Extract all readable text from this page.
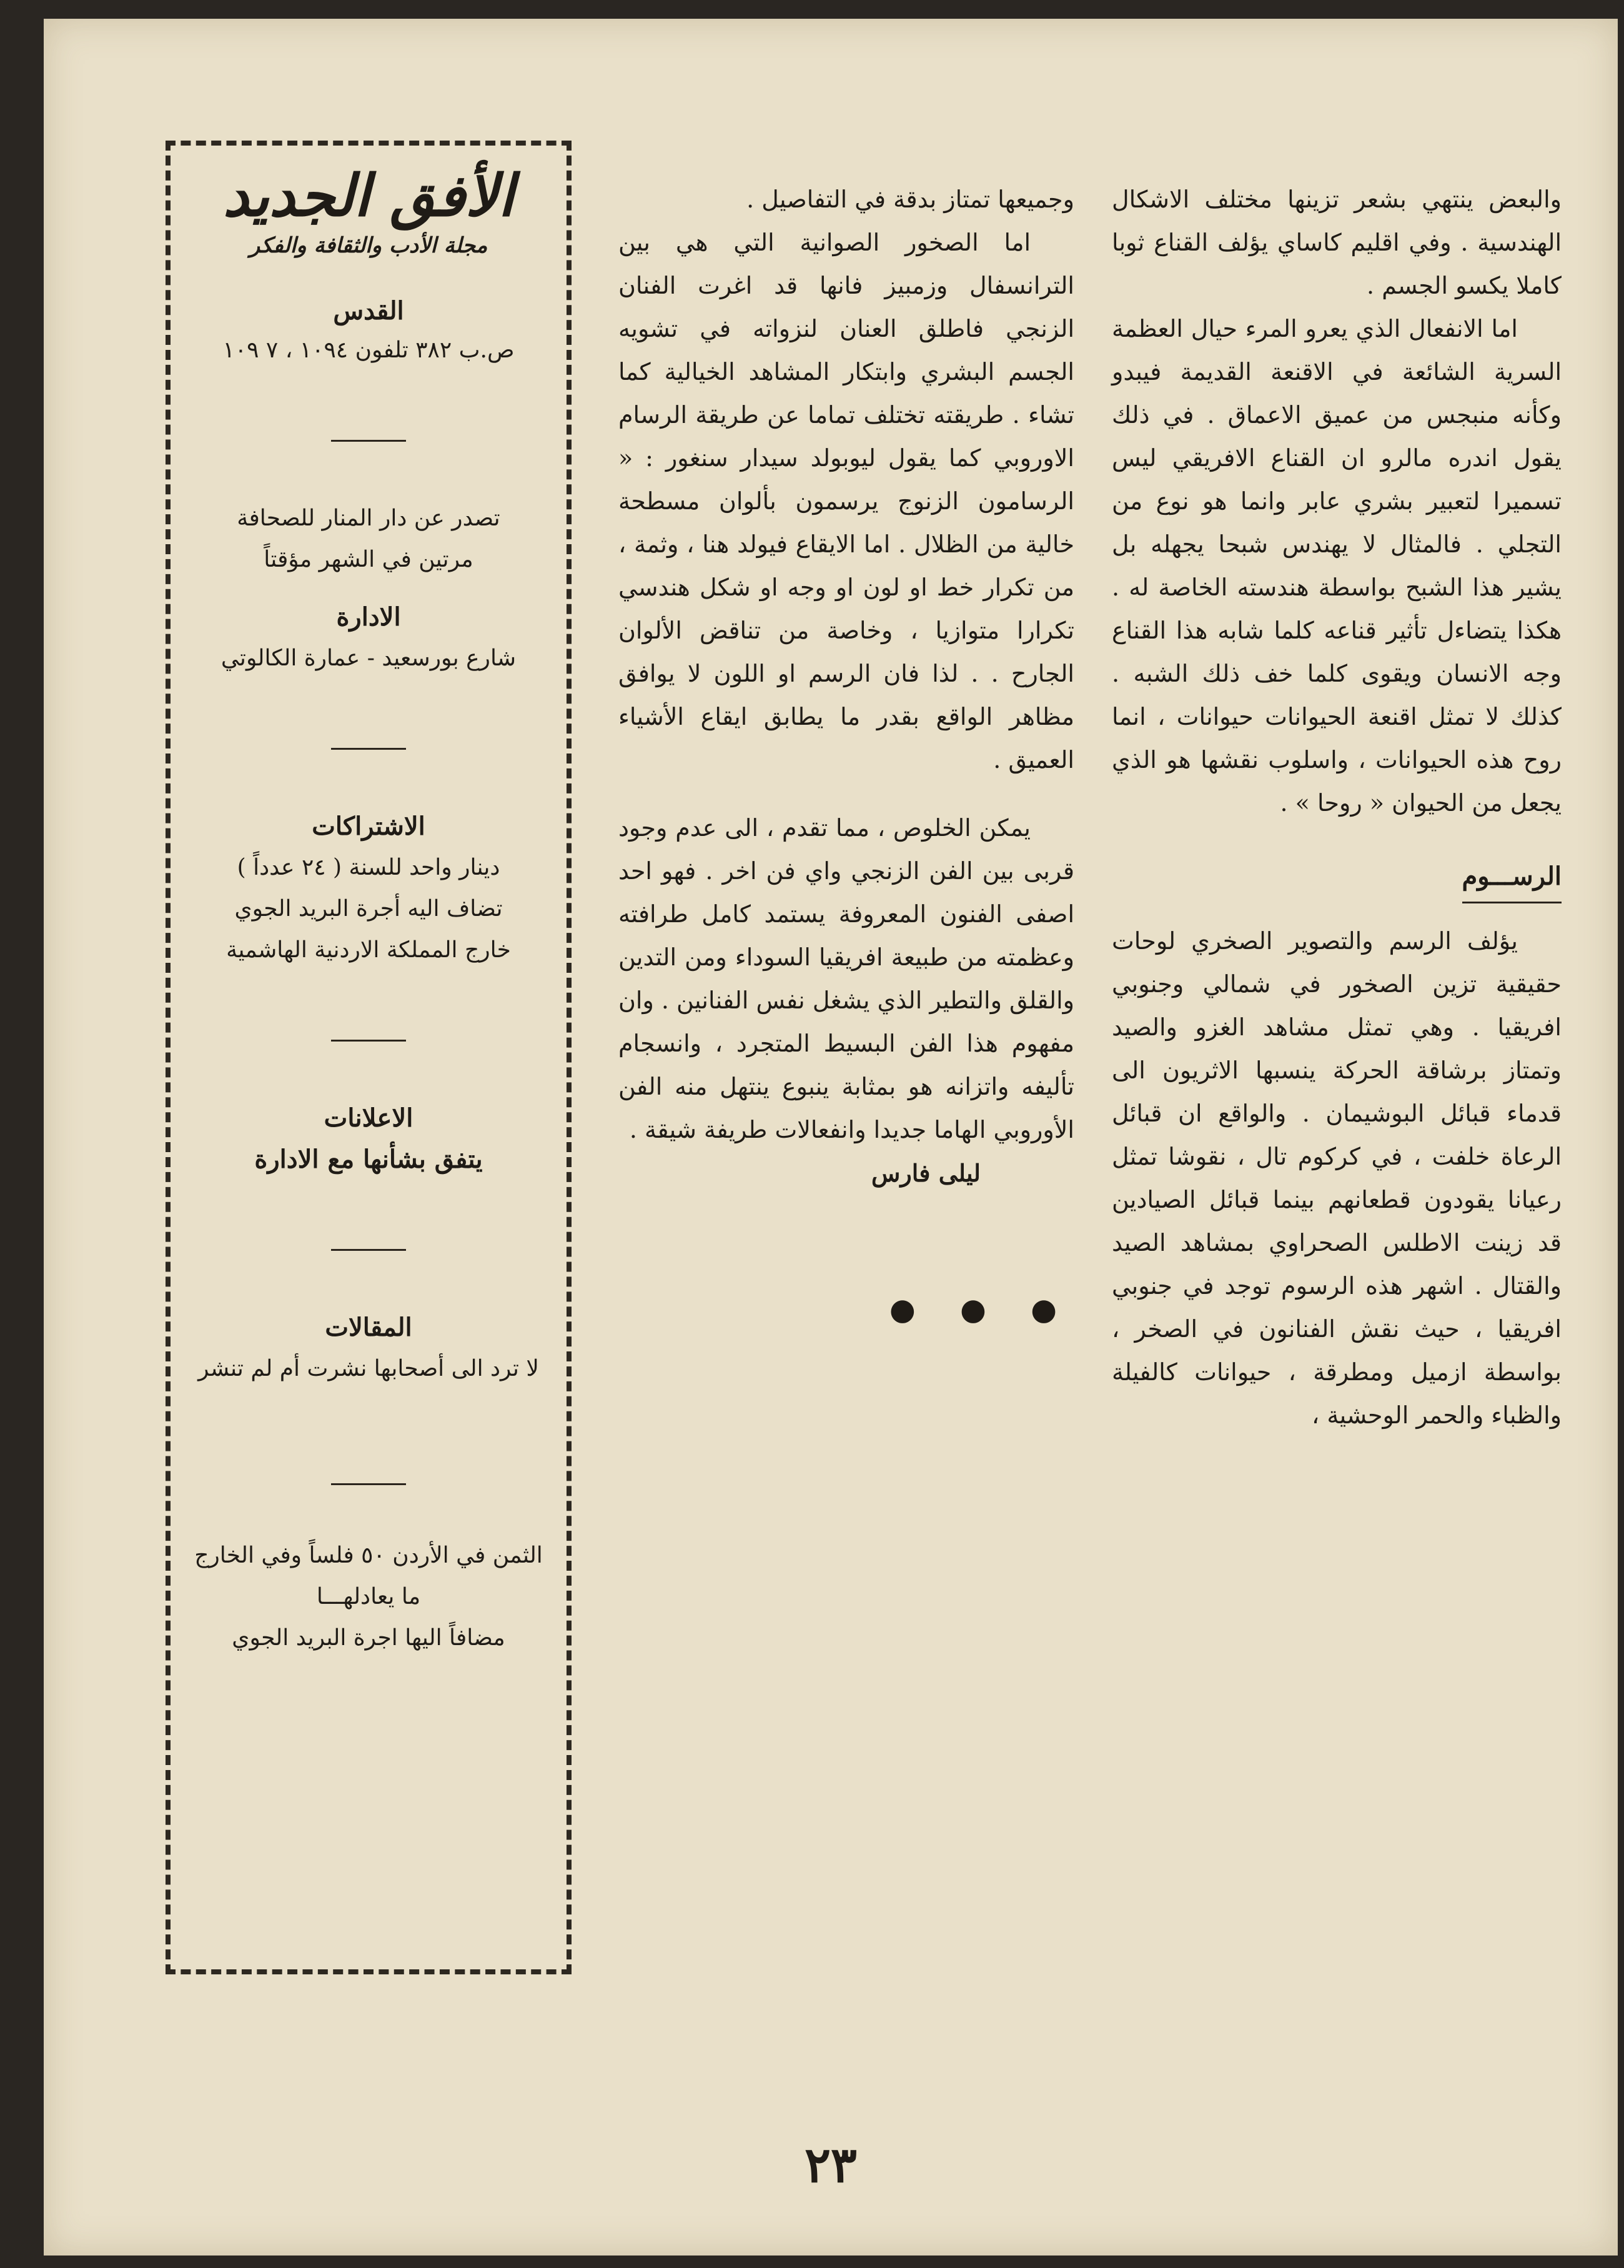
والبعض ينتهي بشعر تزينها مختلف الاشكال الهندسية . وفي اقليم كاساي يؤلف القناع ثوبا كاملا يكسو الجسم .

اما الانفعال الذي يعرو المرء حيال العظمة السرية الشائعة في الاقنعة القديمة فيبدو وكأنه منبجس من عميق الاعماق . في ذلك يقول اندره مالرو ان القناع الافريقي ليس تسميرا لتعبير بشري عابر وانما هو نوع من التجلي . فالمثال لا يهندس شبحا يجهله بل يشير هذا الشبح بواسطة هندسته الخاصة له . هكذا يتضاءل تأثير قناعه كلما شابه هذا القناع وجه الانسان ويقوى كلما خف ذلك الشبه . كذلك لا تمثل اقنعة الحيوانات حيوانات ، انما روح هذه الحيوانات ، واسلوب نقشها هو الذي يجعل من الحيوان « روحا » .

الرســـوم

يؤلف الرسم والتصوير الصخري لوحات حقيقية تزين الصخور في شمالي وجنوبي افريقيا . وهي تمثل مشاهد الغزو والصيد وتمتاز برشاقة الحركة ينسبها الاثريون الى قدماء قبائل البوشيمان . والواقع ان قبائل الرعاة خلفت ، في كركوم تال ، نقوشا تمثل رعيانا يقودون قطعانهم بينما قبائل الصيادين قد زينت الاطلس الصحراوي بمشاهد الصيد والقتال . اشهر هذه الرسوم توجد في جنوبي افريقيا ، حيث نقش الفنانون في الصخر ، بواسطة ازميل ومطرقة ، حيوانات كالفيلة والظباء والحمر الوحشية ،

وجميعها تمتاز بدقة في التفاصيل .

اما الصخور الصوانية التي هي بين الترانسفال وزمبيز فانها قد اغرت الفنان الزنجي فاطلق العنان لنزواته في تشويه الجسم البشري وابتكار المشاهد الخيالية كما تشاء . طريقته تختلف تماما عن طريقة الرسام الاوروبي كما يقول ليوبولد سيدار سنغور : « الرسامون الزنوج يرسمون بألوان مسطحة خالية من الظلال . اما الايقاع فيولد هنا ، وثمة ، من تكرار خط او لون او وجه او شكل هندسي تكرارا متوازيا ، وخاصة من تناقض الألوان الجارح . . لذا فان الرسم او اللون لا يوافق مظاهر الواقع بقدر ما يطابق ايقاع الأشياء العميق .

يمكن الخلوص ، مما تقدم ، الى عدم وجود قربى بين الفن الزنجي واي فن اخر . فهو احد اصفى الفنون المعروفة يستمد كامل طرافته وعظمته من طبيعة افريقيا السوداء ومن التدين والقلق والتطير الذي يشغل نفس الفنانين . وان مفهوم هذا الفن البسيط المتجرد ، وانسجام تأليفه واتزانه هو بمثابة ينبوع ينتهل منه الفن الأوروبي الهاما جديدا وانفعالات طريفة شيقة .

ليلى فارس

● ● ●
الأفق الجديد
مجلة الأدب والثقافة والفكر
القدس
ص.ب ٣٨٢ تلفون ١٠٩٤ ، ٧ ١٠٩
تصدر عن دار المنار للصحافة
مرتين في الشهر مؤقتاً
الادارة
شارع بورسعيد - عمارة الكالوتي
الاشتراكات
دينار واحد للسنة ( ٢٤ عدداً )
تضاف اليه أجرة البريد الجوي
خارج المملكة الاردنية الهاشمية
الاعلانات
يتفق بشأنها مع الادارة
المقالات
لا ترد الى أصحابها نشرت أم لم تنشر
الثمن في الأردن ٥٠ فلساً وفي الخارج
ما يعادلهـــا
مضافاً اليها اجرة البريد الجوي
٢٣
